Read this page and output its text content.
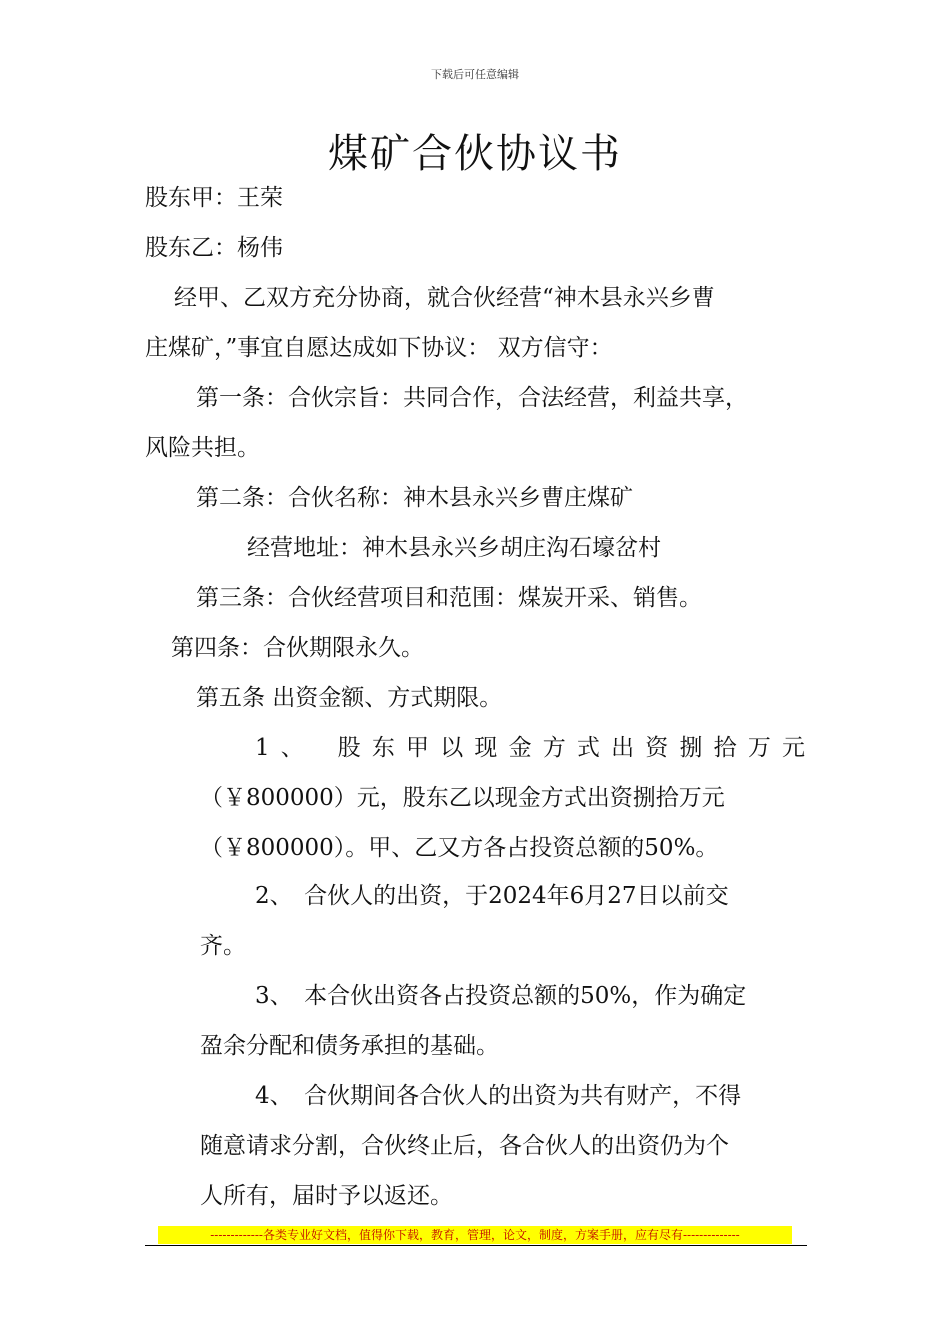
下载后可任意编辑
煤矿合伙协议书
股东甲：王荣
股东乙：杨伟
经甲、乙双方充分协商，就合伙经营“神木县永兴乡曹
庄煤矿，”事宜自愿达成如下协议： 双方信守：
第一条：合伙宗旨：共同合作，合法经营，利益共享，
风险共担。
第二条：合伙名称：神木县永兴乡曹庄煤矿
经营地址：神木县永兴乡胡庄沟石壕岔村
第三条：合伙经营项目和范围：煤炭开采、销售。
第四条：合伙期限永久。
第五条 出资金额、方式期限。
1、　股东甲以现金方式出资捌拾万元
（￥800000）元，股东乙以现金方式出资捌拾万元
（￥800000）。甲、乙又方各占投资总额的50%。
2、　合伙人的出资，于2024年6月27日以前交
齐。
3、　本合伙出资各占投资总额的50%，作为确定
盈余分配和债务承担的基础。
4、　合伙期间各合伙人的出资为共有财产，不得
随意请求分割，合伙终止后，各合伙人的出资仍为个
人所有，届时予以返还。
-------------各类专业好文档，值得你下载，教育，管理，论文，制度，方案手册，应有尽有--------------
